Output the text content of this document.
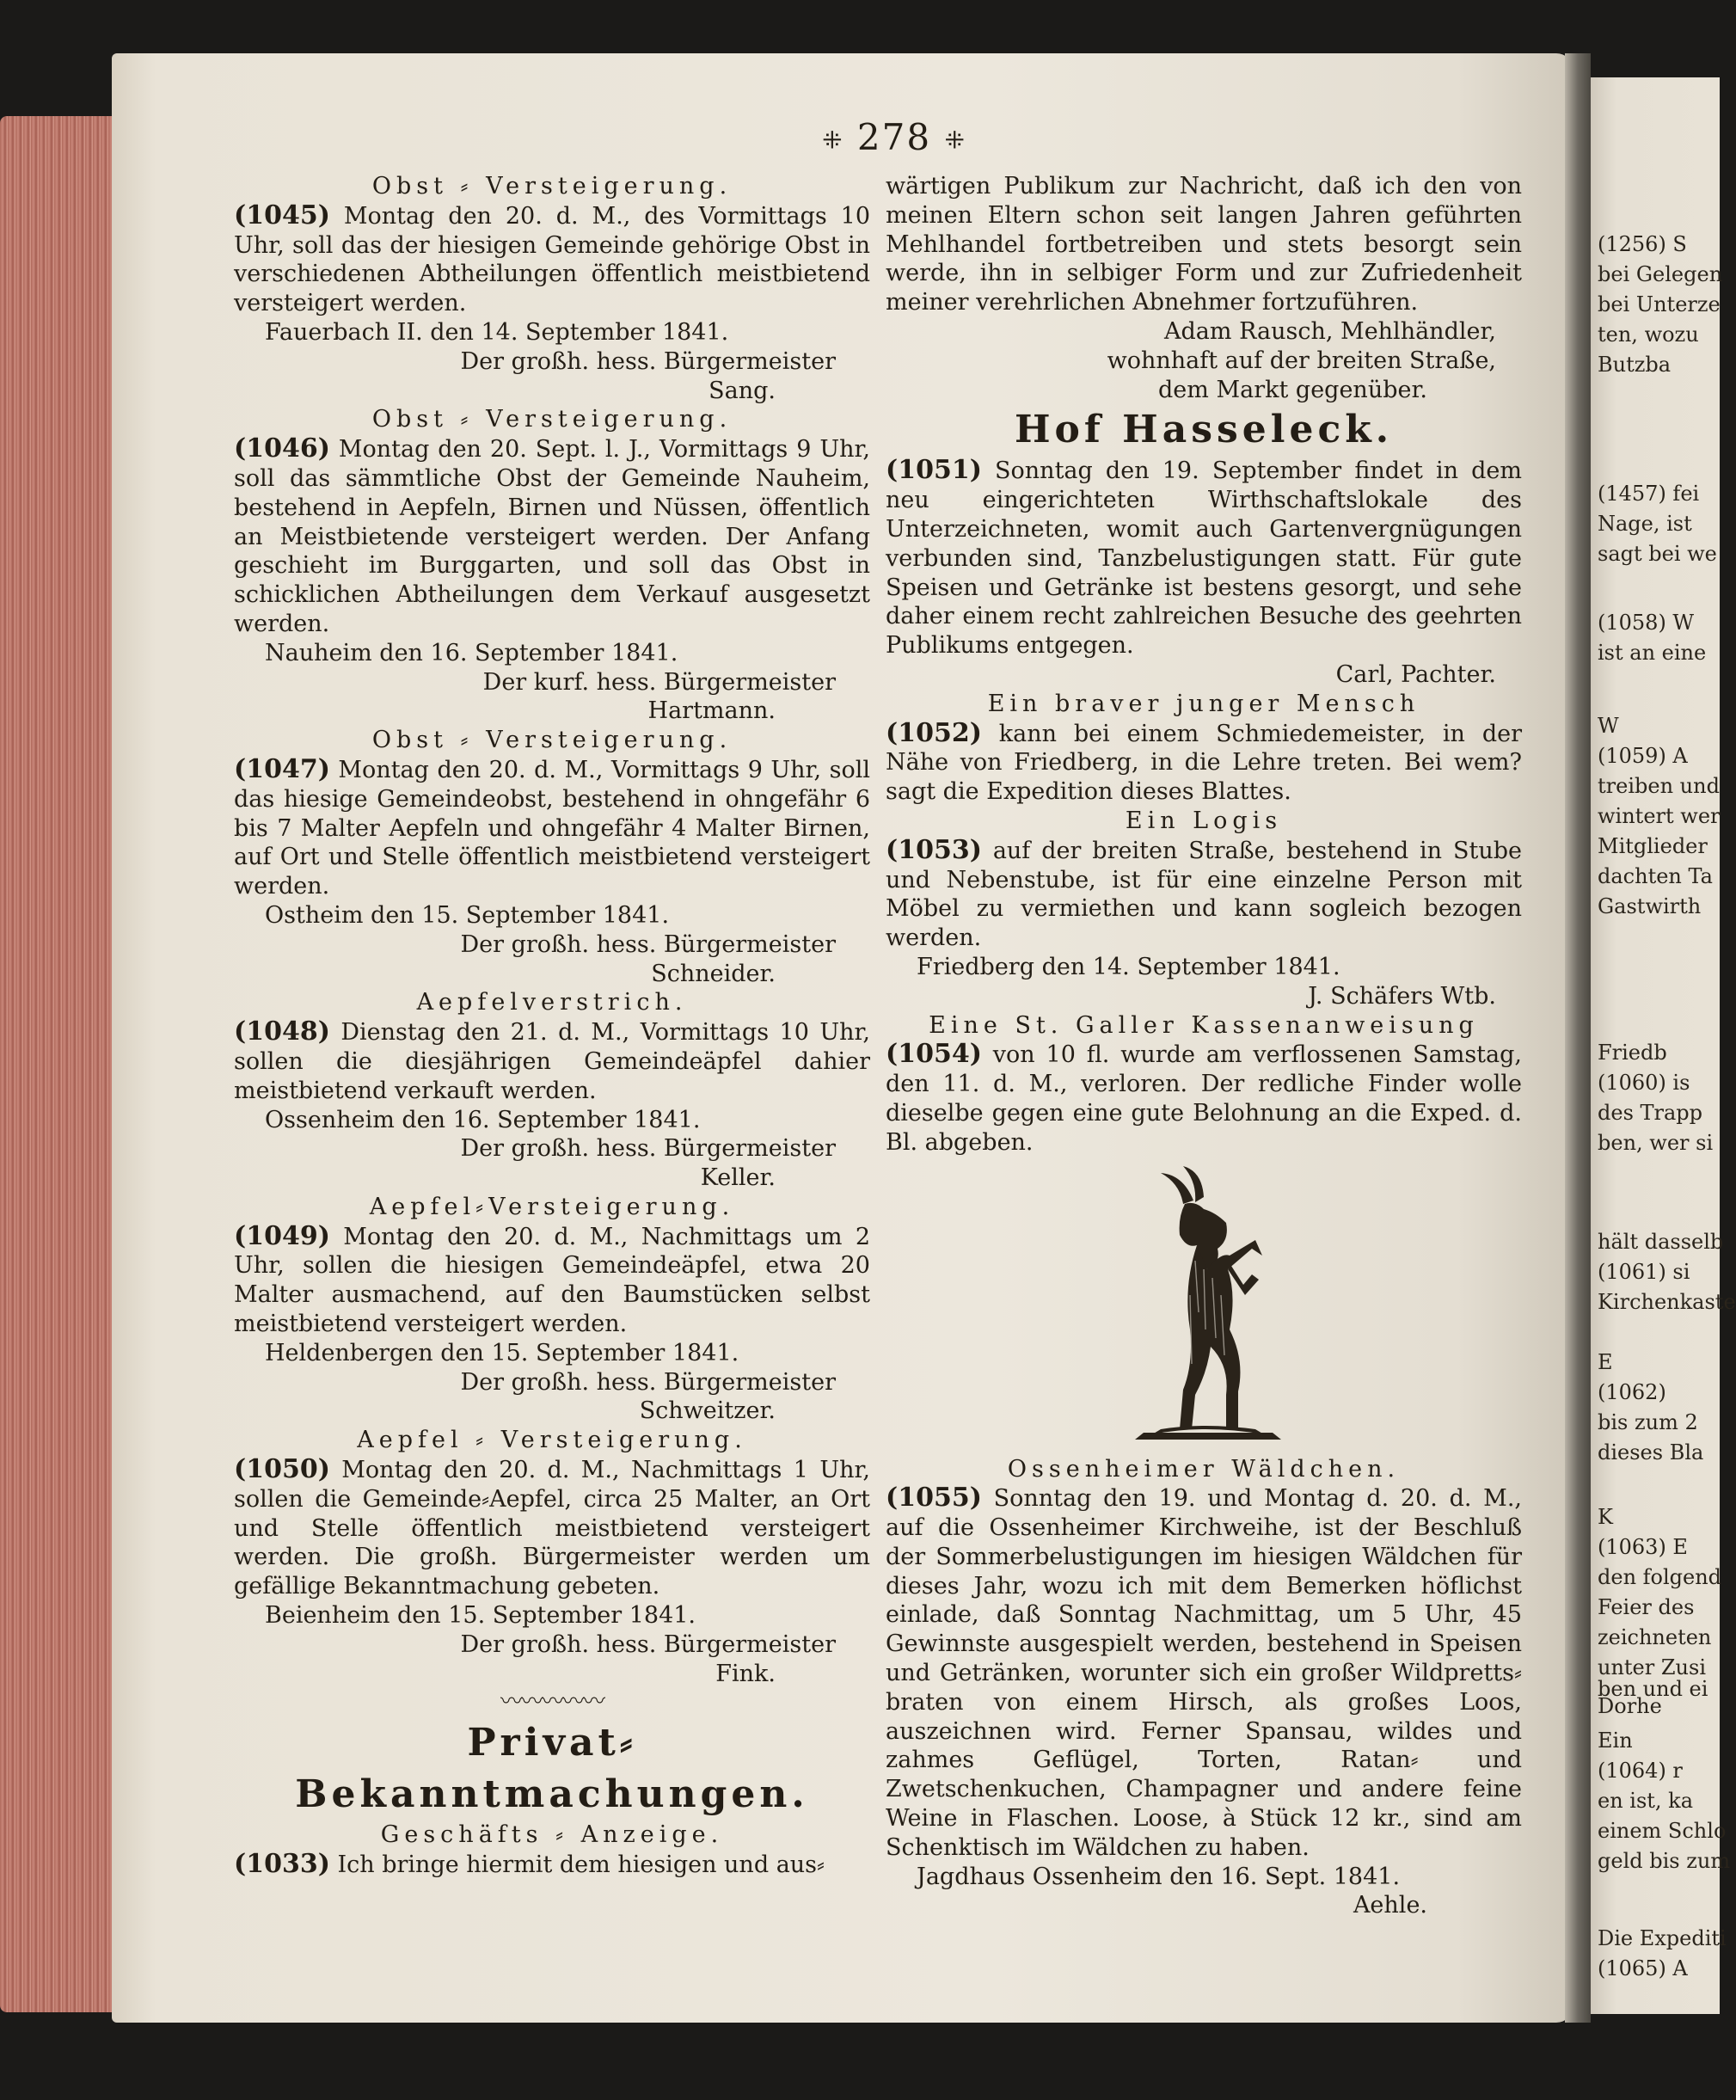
(1256) S
bei Gelegen
bei Unterze
ten, wozu
Butzba
(1457) fei
Nage, ist
sagt bei we
(1058) W
ist an eine
W
(1059) A
treiben und
wintert wer
Mitglieder
dachten Ta
Gastwirth
Friedb
(1060) is
des Trapp
ben, wer si
hält dasselb
(1061) si
Kirchenkaste
E
(1062)
bis zum 2
dieses Bla
K
(1063) E
den folgend
Feier des
zeichneten
unter Zusi
Dorhe
Ein
(1064) r
en ist, ka
einem Schlo
geld bis zum
Die Expediti
(1065) A
ben und ei
⁜ 278 ⁜

Obst ⸗ Versteigerung.

(1045) Montag den 20. d. M., des Vormittags 10 Uhr, soll das der hiesigen Gemeinde gehörige Obst in verschiedenen Abtheilungen öffentlich meistbietend versteigert werden.

Fauerbach II. den 14. September 1841.

Der großh. hess. Bürgermeister

Sang.

Obst ⸗ Versteigerung.

(1046) Montag den 20. Sept. l. J., Vormittags 9 Uhr, soll das sämmtliche Obst der Gemeinde Nauheim, bestehend in Aepfeln, Birnen und Nüssen, öffentlich an Meistbietende versteigert werden. Der Anfang geschieht im Burggarten, und soll das Obst in schicklichen Abtheilungen dem Verkauf ausgesetzt werden.

Nauheim den 16. September 1841.

Der kurf. hess. Bürgermeister

Hartmann.

Obst ⸗ Versteigerung.

(1047) Montag den 20. d. M., Vormittags 9 Uhr, soll das hiesige Gemeindeobst, bestehend in ohngefähr 6 bis 7 Malter Aepfeln und ohngefähr 4 Malter Birnen, auf Ort und Stelle öffentlich meistbietend versteigert werden.

Ostheim den 15. September 1841.

Der großh. hess. Bürgermeister

Schneider.

Aepfelverstrich.

(1048) Dienstag den 21. d. M., Vormittags 10 Uhr, sollen die diesjährigen Gemeindeäpfel dahier meistbietend verkauft werden.

Ossenheim den 16. September 1841.

Der großh. hess. Bürgermeister

Keller.

Aepfel⸗Versteigerung.

(1049) Montag den 20. d. M., Nachmittags um 2 Uhr, sollen die hiesigen Gemeindeäpfel, etwa 20 Malter ausmachend, auf den Baumstücken selbst meistbietend versteigert werden.

Heldenbergen den 15. September 1841.

Der großh. hess. Bürgermeister

Schweitzer.

Aepfel ⸗ Versteigerung.

(1050) Montag den 20. d. M., Nachmittags 1 Uhr, sollen die Gemeinde⸗Aepfel, circa 25 Malter, an Ort und Stelle öffentlich meistbietend versteigert werden. Die großh. Bürgermeister werden um gefällige Bekanntmachung gebeten.

Beienheim den 15. September 1841.

Der großh. hess. Bürgermeister

Fink.

〰〰〰〰〰

Privat⸗Bekanntmachungen.

Geschäfts ⸗ Anzeige.

(1033) Ich bringe hiermit dem hiesigen und aus⸗

wärtigen Publikum zur Nachricht, daß ich den von meinen Eltern schon seit langen Jahren geführten Mehlhandel fortbetreiben und stets besorgt sein werde, ihn in selbiger Form und zur Zufriedenheit meiner verehrlichen Abnehmer fortzuführen.

Adam Rausch, Mehlhändler,

wohnhaft auf der breiten Straße,

dem Markt gegenüber.

Hof Hasseleck.

(1051) Sonntag den 19. September findet in dem neu eingerichteten Wirthschaftslokale des Unterzeichneten, womit auch Gartenvergnügungen verbunden sind, Tanzbelustigungen statt. Für gute Speisen und Getränke ist bestens gesorgt, und sehe daher einem recht zahlreichen Besuche des geehrten Publikums entgegen.

Carl, Pachter.

Ein braver junger Mensch

(1052) kann bei einem Schmiedemeister, in der Nähe von Friedberg, in die Lehre treten. Bei wem? sagt die Expedition dieses Blattes.

Ein Logis

(1053) auf der breiten Straße, bestehend in Stube und Nebenstube, ist für eine einzelne Person mit Möbel zu vermiethen und kann sogleich bezogen werden.

Friedberg den 14. September 1841.

J. Schäfers Wtb.

Eine St. Galler Kassenanweisung

(1054) von 10 fl. wurde am verflossenen Samstag, den 11. d. M., verloren. Der redliche Finder wolle dieselbe gegen eine gute Belohnung an die Exped. d. Bl. abgeben.

Ossenheimer Wäldchen.

(1055) Sonntag den 19. und Montag d. 20. d. M., auf die Ossenheimer Kirchweihe, ist der Beschluß der Sommerbelustigungen im hiesigen Wäldchen für dieses Jahr, wozu ich mit dem Bemerken höflichst einlade, daß Sonntag Nachmittag, um 5 Uhr, 45 Gewinnste ausgespielt werden, bestehend in Speisen und Getränken, worunter sich ein großer Wildpretts⸗braten von einem Hirsch, als großes Loos, auszeichnen wird. Ferner Spansau, wildes und zahmes Geflügel, Torten, Ratan⸗ und Zwetschenkuchen, Champagner und andere feine Weine in Flaschen. Loose, à Stück 12 kr., sind am Schenktisch im Wäldchen zu haben.

Jagdhaus Ossenheim den 16. Sept. 1841.

Aehle.
